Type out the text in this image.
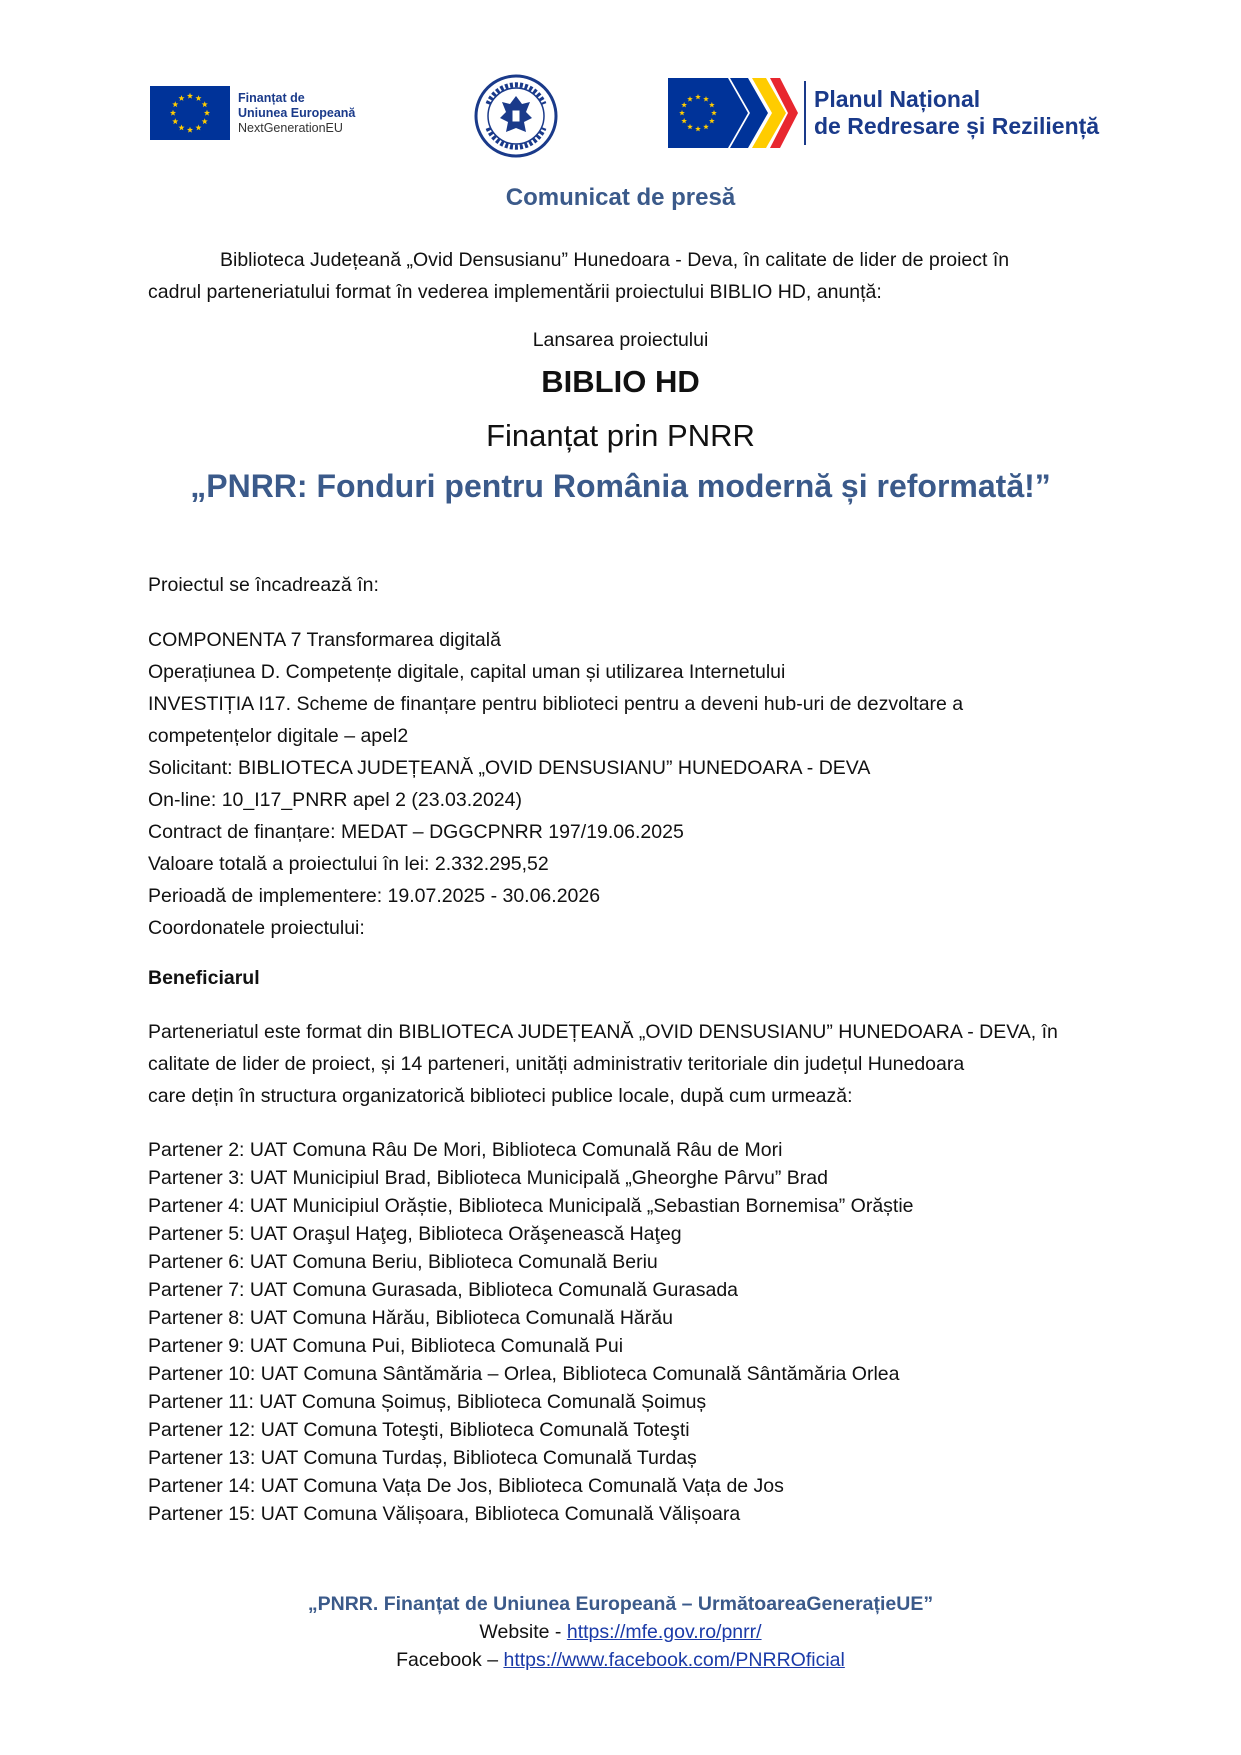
Finanțat de
Uniunea Europeană
NextGenerationEU
Planul Național
de Redresare și Reziliență
Comunicat de presă
Biblioteca Județeană „Ovid Densusianu” Hunedoara - Deva, în calitate de lider de proiect în
cadrul parteneriatului format în vederea implementării proiectului BIBLIO HD, anunță:
Lansarea proiectului
BIBLIO HD
Finanțat prin PNRR
„PNRR: Fonduri pentru România modernă și reformată!”
Proiectul se încadrează în:
COMPONENTA 7 Transformarea digitală
Operațiunea D. Competențe digitale, capital uman și utilizarea Internetului
INVESTIȚIA I17. Scheme de finanțare pentru biblioteci pentru a deveni hub-uri de dezvoltare a
competențelor digitale – apel2
Solicitant: BIBLIOTECA JUDEȚEANĂ „OVID DENSUSIANU” HUNEDOARA - DEVA
On-line: 10_I17_PNRR apel 2 (23.03.2024)
Contract de finanțare: MEDAT – DGGCPNRR 197/19.06.2025
Valoare totală a proiectului în lei: 2.332.295,52
Perioadă de implementere: 19.07.2025 - 30.06.2026
Coordonatele proiectului:
Beneficiarul
Parteneriatul este format din BIBLIOTECA JUDEȚEANĂ „OVID DENSUSIANU” HUNEDOARA - DEVA, în
calitate de lider de proiect, și 14 parteneri, unități administrativ teritoriale din județul Hunedoara
care dețin în structura organizatorică biblioteci publice locale, după cum urmează:
Partener 2: UAT Comuna Râu De Mori, Biblioteca Comunală Râu de Mori
Partener 3: UAT Municipiul Brad, Biblioteca Municipală „Gheorghe Pârvu” Brad
Partener 4: UAT Municipiul Orăștie, Biblioteca Municipală „Sebastian Bornemisa” Orăștie
Partener 5: UAT Oraşul Haţeg, Biblioteca Orăşenească Haţeg
Partener 6: UAT Comuna Beriu, Biblioteca Comunală Beriu
Partener 7: UAT Comuna Gurasada, Biblioteca Comunală Gurasada
Partener 8: UAT Comuna Hărău, Biblioteca Comunală Hărău
Partener 9: UAT Comuna Pui, Biblioteca Comunală Pui
Partener 10: UAT Comuna Sântămăria – Orlea, Biblioteca Comunală Sântămăria Orlea
Partener 11: UAT Comuna Șoimuș, Biblioteca Comunală Șoimuș
Partener 12: UAT Comuna Toteşti, Biblioteca Comunală Toteşti
Partener 13: UAT Comuna Turdaș, Biblioteca Comunală Turdaș
Partener 14: UAT Comuna Vața De Jos, Biblioteca Comunală Vața de Jos
Partener 15: UAT Comuna Vălișoara, Biblioteca Comunală Vălișoara
„PNRR. Finanțat de Uniunea Europeană – UrmătoareaGenerațieUE”
Website - https://mfe.gov.ro/pnrr/
Facebook – https://www.facebook.com/PNRROficial
